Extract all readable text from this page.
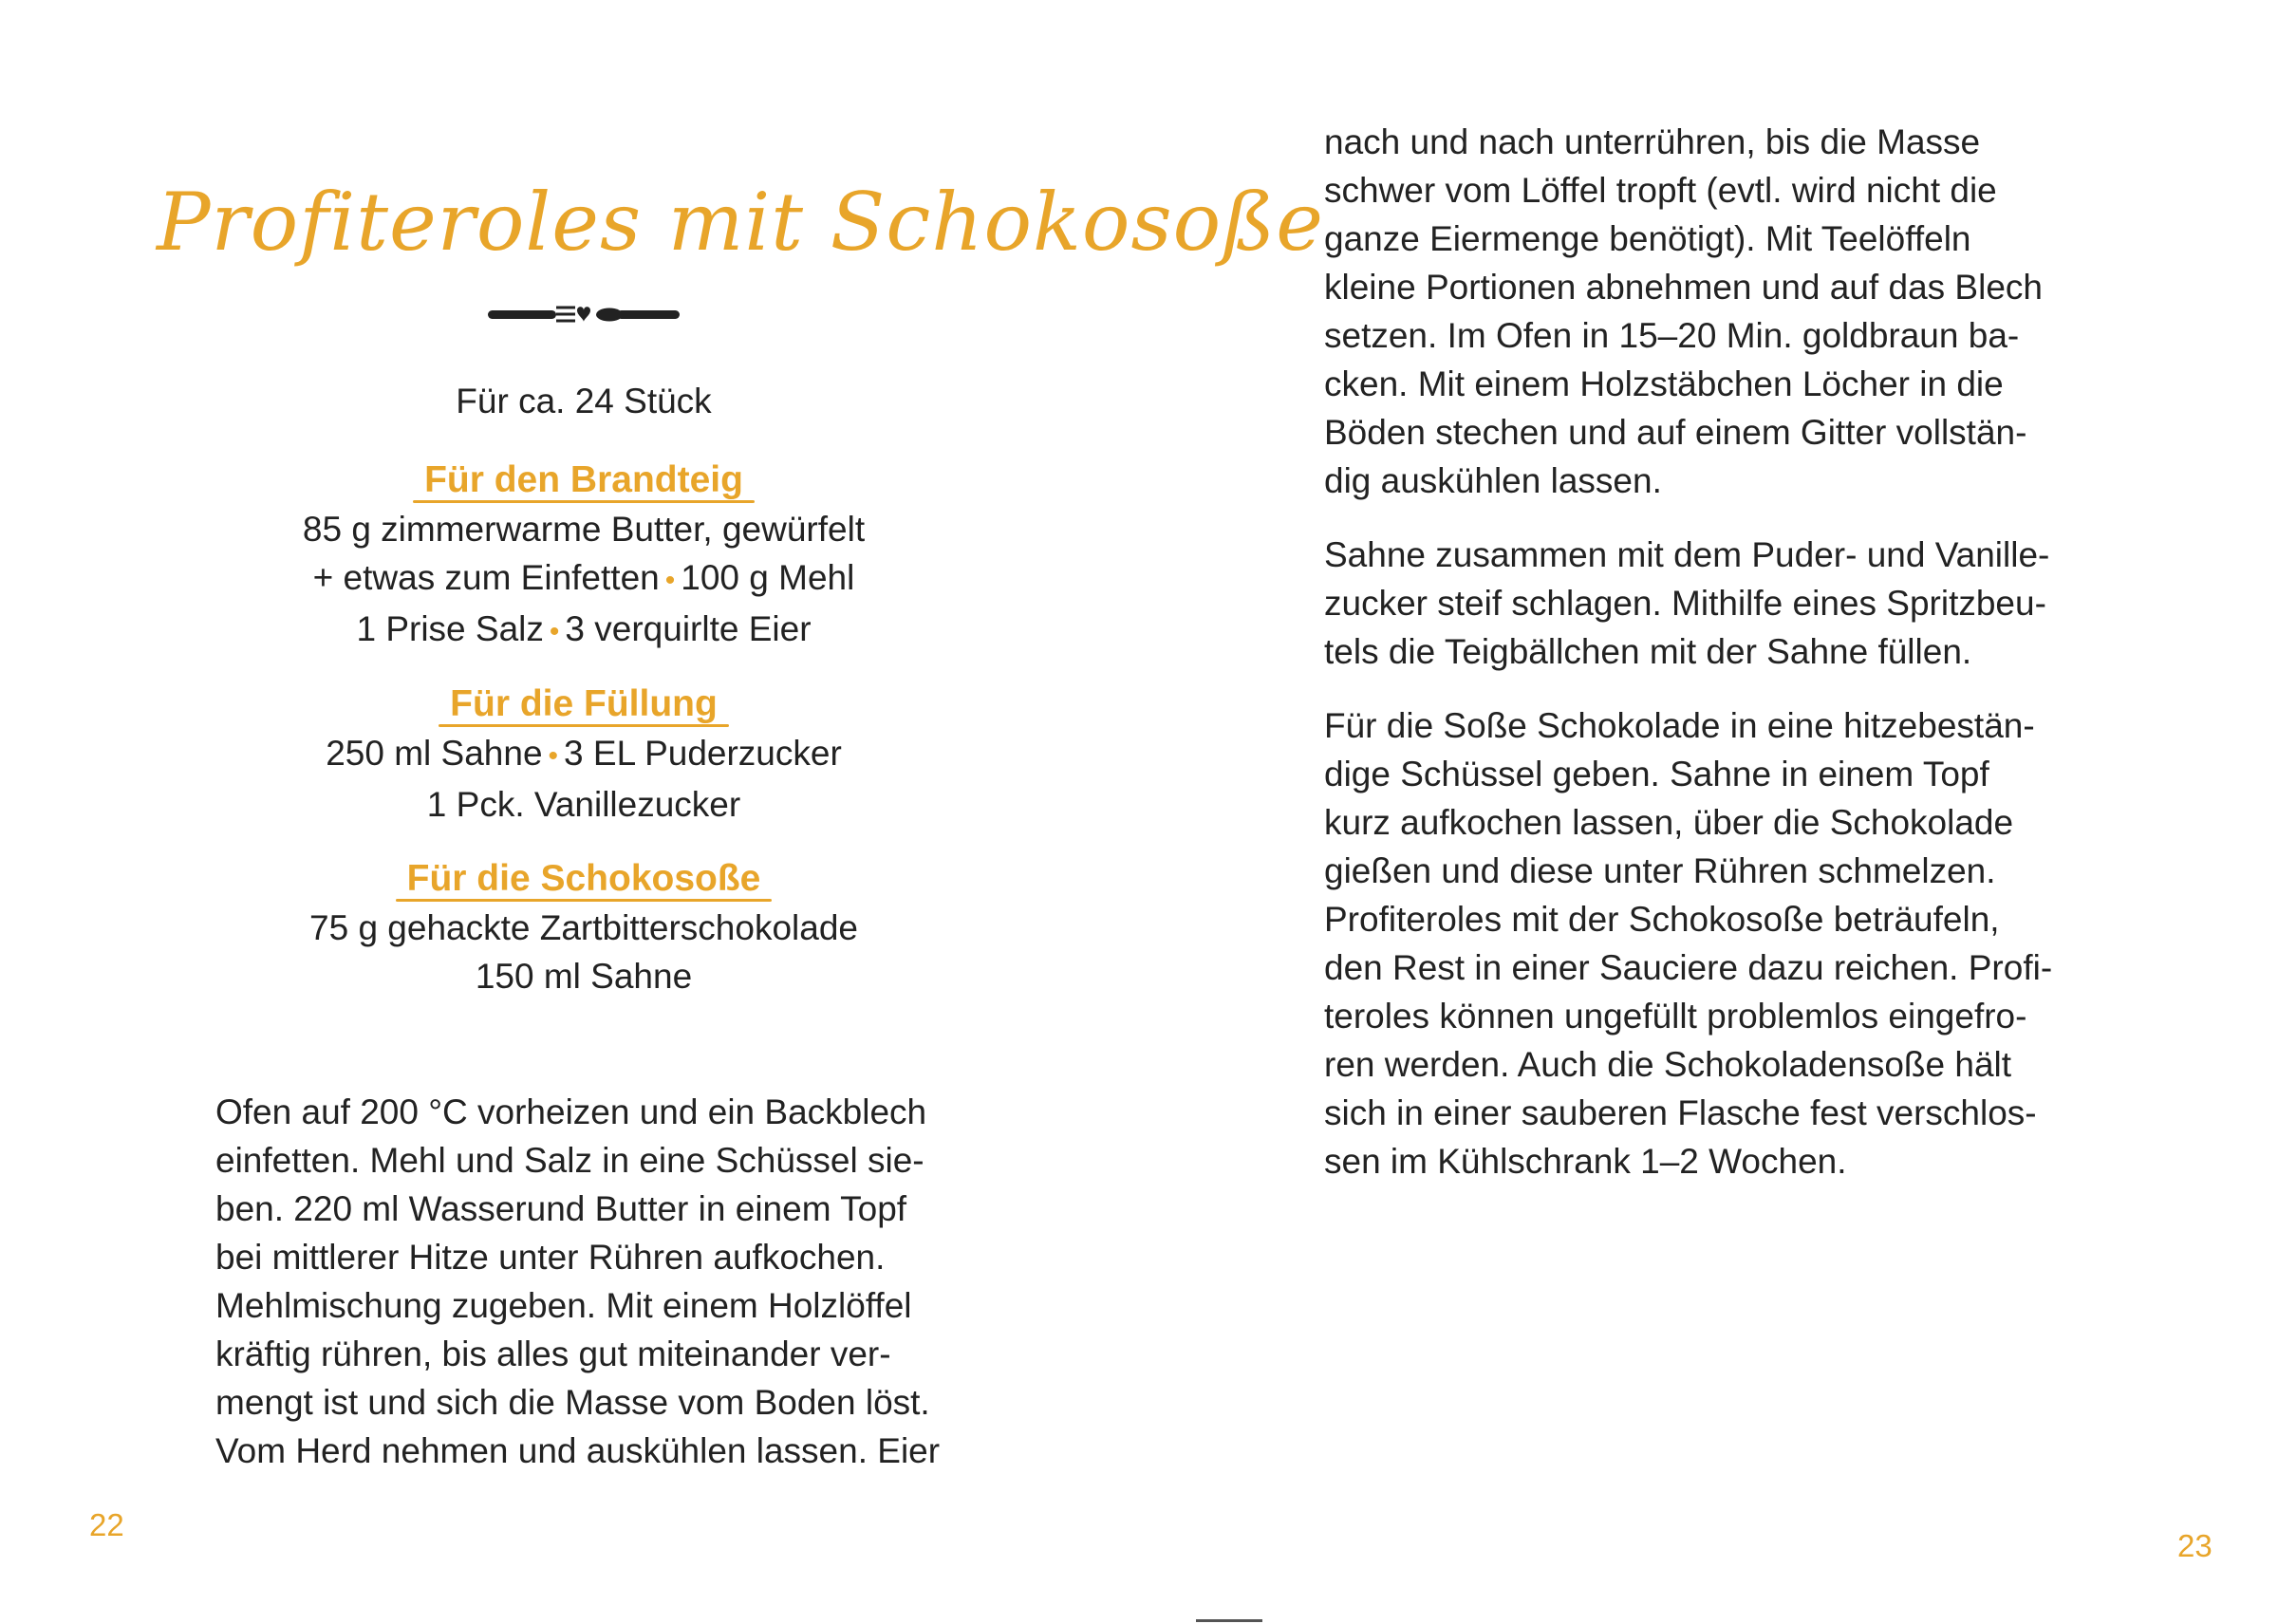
Profiteroles mit Schokosoße
Für ca. 24 Stück
Für den Brandteig
85 g zimmerwarme Butter, gewürfelt
+ etwas zum Einfetten • 100 g Mehl
1 Prise Salz • 3 verquirlte Eier
Für die Füllung
250 ml Sahne • 3 EL Puderzucker
1 Pck. Vanillezucker
Für die Schokosoße
75 g gehackte Zartbitterschokolade
150 ml Sahne
Ofen auf 200 °C vorheizen und ein Backblech
einfetten. Mehl und Salz in eine Schüssel sie-
ben. 220 ml Wasserund Butter in einem Topf
bei mittlerer Hitze unter Rühren aufkochen.
Mehlmischung zugeben. Mit einem Holzlöffel
kräftig rühren, bis alles gut miteinander ver-
mengt ist und sich die Masse vom Boden löst.
Vom Herd nehmen und auskühlen lassen. Eier
22
nach und nach unterrühren, bis die Masse
schwer vom Löffel tropft (evtl. wird nicht die
ganze Eiermenge benötigt). Mit Teelöffeln
kleine Portionen abnehmen und auf das Blech
setzen. Im Ofen in 15–20 Min. goldbraun ba-
cken. Mit einem Holzstäbchen Löcher in die
Böden stechen und auf einem Gitter vollstän-
dig auskühlen lassen.
Sahne zusammen mit dem Puder- und Vanille-
zucker steif schlagen. Mithilfe eines Spritzbeu-
tels die Teigbällchen mit der Sahne füllen.
Für die Soße Schokolade in eine hitzebestän-
dige Schüssel geben. Sahne in einem Topf
kurz aufkochen lassen, über die Schokolade
gießen und diese unter Rühren schmelzen.
Profiteroles mit der Schokosoße beträufeln,
den Rest in einer Sauciere dazu reichen. Profi-
teroles können ungefüllt problemlos eingefro-
ren werden. Auch die Schokoladensoße hält
sich in einer sauberen Flasche fest verschlos-
sen im Kühlschrank 1–2 Wochen.
23
